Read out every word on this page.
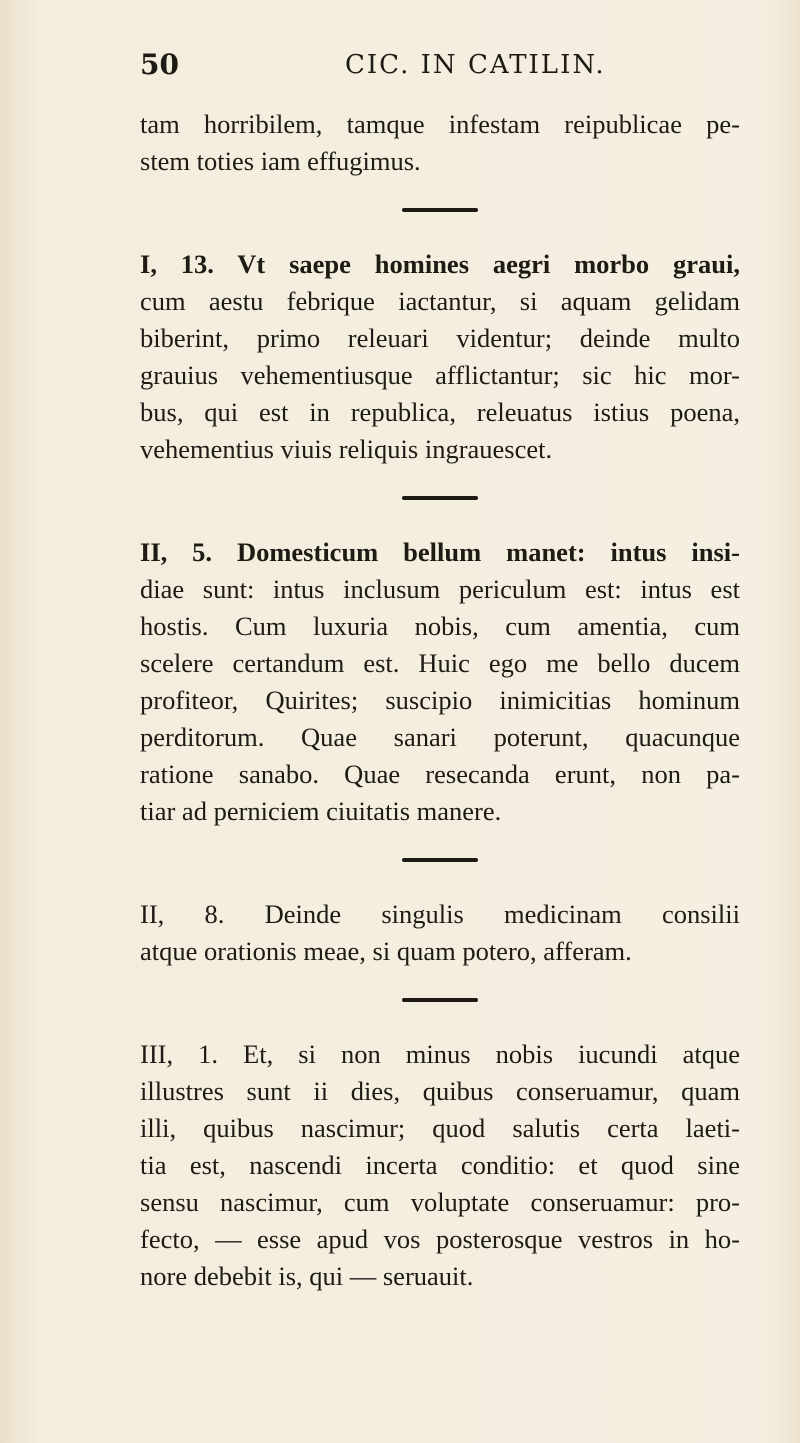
50	CIC. IN CATILIN.
tam horribilem, tamque infestam reipublicae pe-
stem toties iam effugimus.
I, 13. Vt saepe homines aegri morbo graui,
cum aestu febrique iactantur, si aquam gelidam
biberint, primo releuari videntur; deinde multo
grauius vehementiusque afflictantur; sic hic mor-
bus, qui est in republica, releuatus istius poena,
vehementius viuis reliquis ingrauescet.
II, 5. Domesticum bellum manet: intus insi-
diae sunt: intus inclusum periculum est: intus est
hostis. Cum luxuria nobis, cum amentia, cum
scelere certandum est. Huic ego me bello ducem
profiteor, Quirites; suscipio inimicitias hominum
perditorum. Quae sanari poterunt, quacunque
ratione sanabo. Quae resecanda erunt, non pa-
tiar ad perniciem ciuitatis manere.
II, 8. Deinde singulis medicinam consilii
atque orationis meae, si quam potero, afferam.
III, 1. Et, si non minus nobis iucundi atque
illustres sunt ii dies, quibus conseruamur, quam
illi, quibus nascimur; quod salutis certa laeti-
tia est, nascendi incerta conditio: et quod sine
sensu nascimur, cum voluptate conseruamur: pro-
fecto, — esse apud vos posterosque vestros in ho-
nore debebit is, qui — seruauit.
